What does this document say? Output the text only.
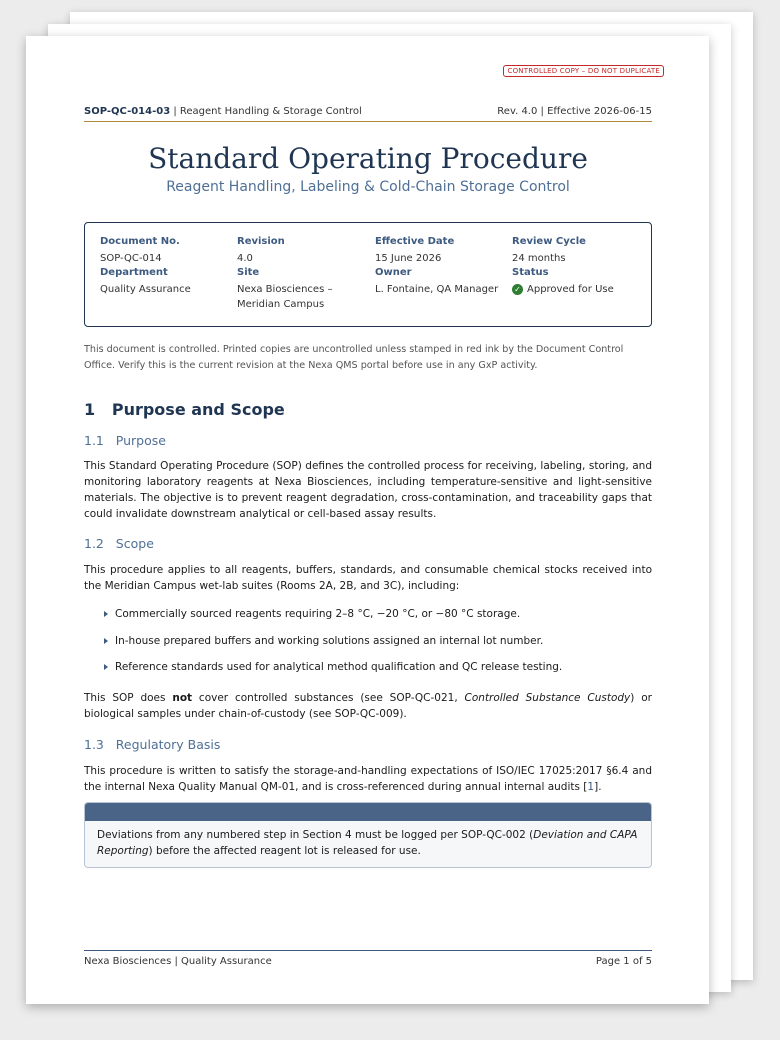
CONTROLLED COPY – DO NOT DUPLICATE
SOP-QC-014-03 | Reagent Handling & Storage Control	Rev. 4.0 | Effective 2026-06-15
Standard Operating Procedure
Reagent Handling, Labeling & Cold-Chain Storage Control
Document No.
SOP-QC-014
Revision
4.0
Effective Date
15 June 2026
Review Cycle
24 months
Department
Quality Assurance
Site
Nexa Biosciences –
Meridian Campus
Owner
L. Fontaine, QA Manager
Status
✓ Approved for Use
This document is controlled. Printed copies are uncontrolled unless stamped in red ink by the Document Control Office. Verify this is the current revision at the Nexa QMS portal before use in any GxP activity.
1   Purpose and Scope
1.1   Purpose
This Standard Operating Procedure (SOP) defines the controlled process for receiving, labeling, storing, and monitoring laboratory reagents at Nexa Biosciences, including temperature-sensitive and light-sensitive materials. The objective is to prevent reagent degradation, cross-contamination, and traceability gaps that could invalidate downstream analytical or cell-based assay results.
1.2   Scope
This procedure applies to all reagents, buffers, standards, and consumable chemical stocks received into the Meridian Campus wet-lab suites (Rooms 2A, 2B, and 3C), including:
Commercially sourced reagents requiring 2–8 °C, −20 °C, or −80 °C storage.
In-house prepared buffers and working solutions assigned an internal lot number.
Reference standards used for analytical method qualification and QC release testing.
This SOP does not cover controlled substances (see SOP-QC-021, Controlled Substance Custody) or biological samples under chain-of-custody (see SOP-QC-009).
1.3   Regulatory Basis
This procedure is written to satisfy the storage-and-handling expectations of ISO/IEC 17025:2017 §6.4 and the internal Nexa Quality Manual QM-01, and is cross-referenced during annual internal audits [1].
Deviations from any numbered step in Section 4 must be logged per SOP-QC-002 (Deviation and CAPA Reporting) before the affected reagent lot is released for use.
Nexa Biosciences | Quality Assurance	Page 1 of 5
